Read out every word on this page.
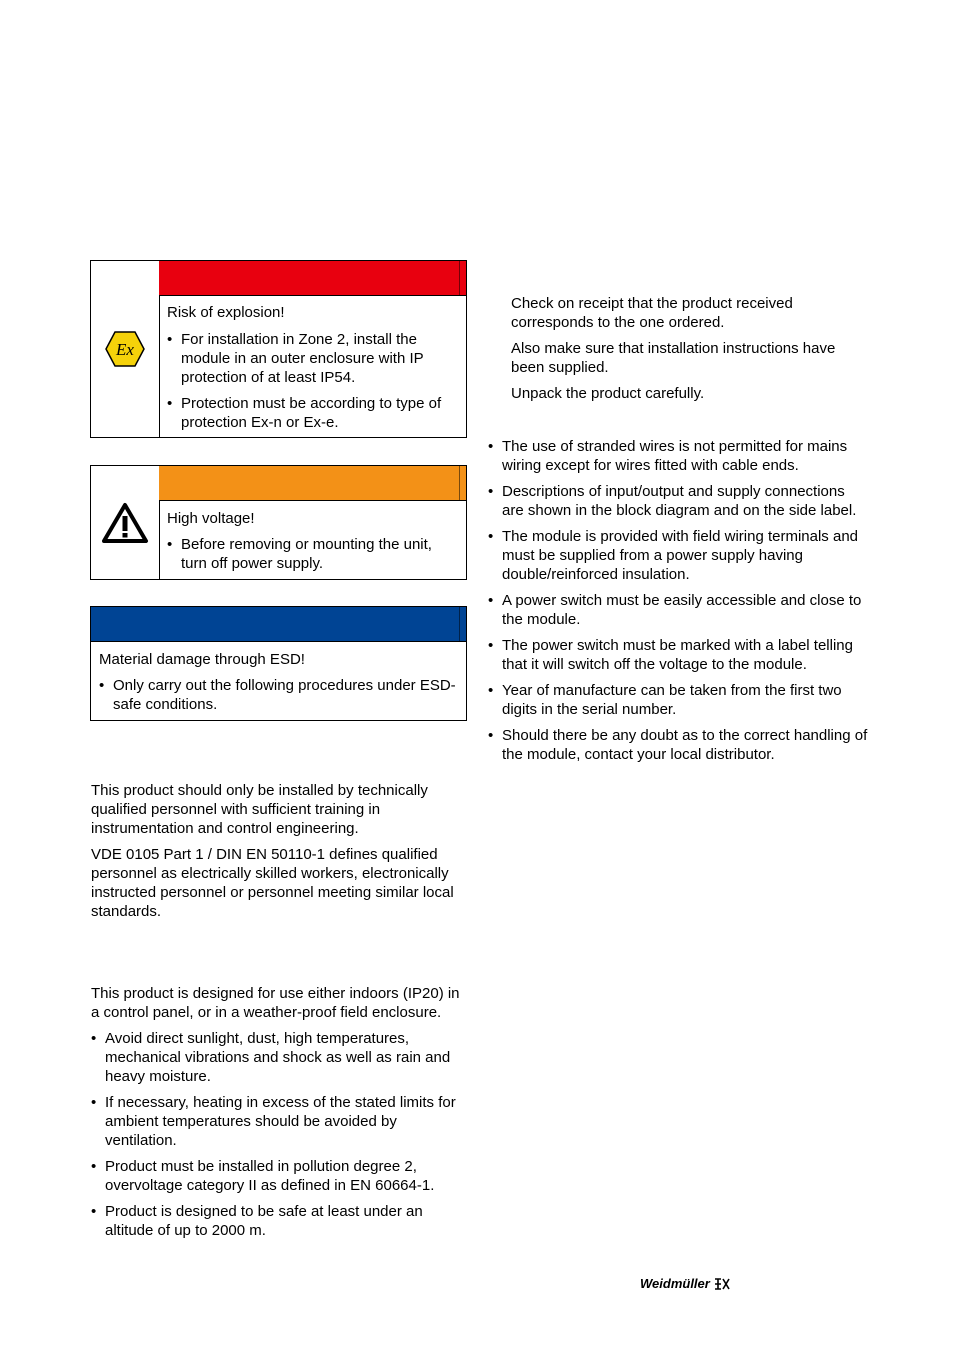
Ex

Risk of explosion!

• For installation in Zone 2, install the module in an outer enclosure with IP protection of at least IP54.
• Protection must be according to type of protection Ex-n or Ex-e.

High voltage!

• Before removing or mounting the unit, turn off power supply.

Material damage through ESD!

• Only carry out the following procedures under ESD-safe conditions.

This product should only be installed by technically qualified personnel with sufficient training in instrumentation and control engineering.

VDE 0105 Part 1 / DIN EN 50110-1 defines qualified personnel as electrically skilled workers, electronically instructed personnel or personnel meeting similar local standards.

This product is designed for use either indoors (IP20) in a control panel, or in a weather-proof field enclosure.

• Avoid direct sunlight, dust, high temperatures, mechanical vibrations and shock as well as rain and heavy moisture.
• If necessary, heating in excess of the stated limits for ambient temperatures should be avoided by ventilation.
• Product must be installed in pollution degree 2, overvoltage category II as defined in EN 60664-1.
• Product is designed to be safe at least under an altitude of up to 2000 m.

Check on receipt that the product received corresponds to the one ordered.

Also make sure that installation instructions have been supplied.

Unpack the product carefully.

• The use of stranded wires is not permitted for mains wiring except for wires fitted with cable ends.
• Descriptions of input/output and supply connections are shown in the block diagram and on the side label.
• The module is provided with field wiring terminals and must be supplied from a power supply having double/reinforced insulation.
• A power switch must be easily accessible and close to the module.
• The power switch must be marked with a label telling that it will switch off the voltage to the module.
• Year of manufacture can be taken from the first two digits in the serial number.
• Should there be any doubt as to the correct handling of the module, contact your local distributor.
Weidmüller
